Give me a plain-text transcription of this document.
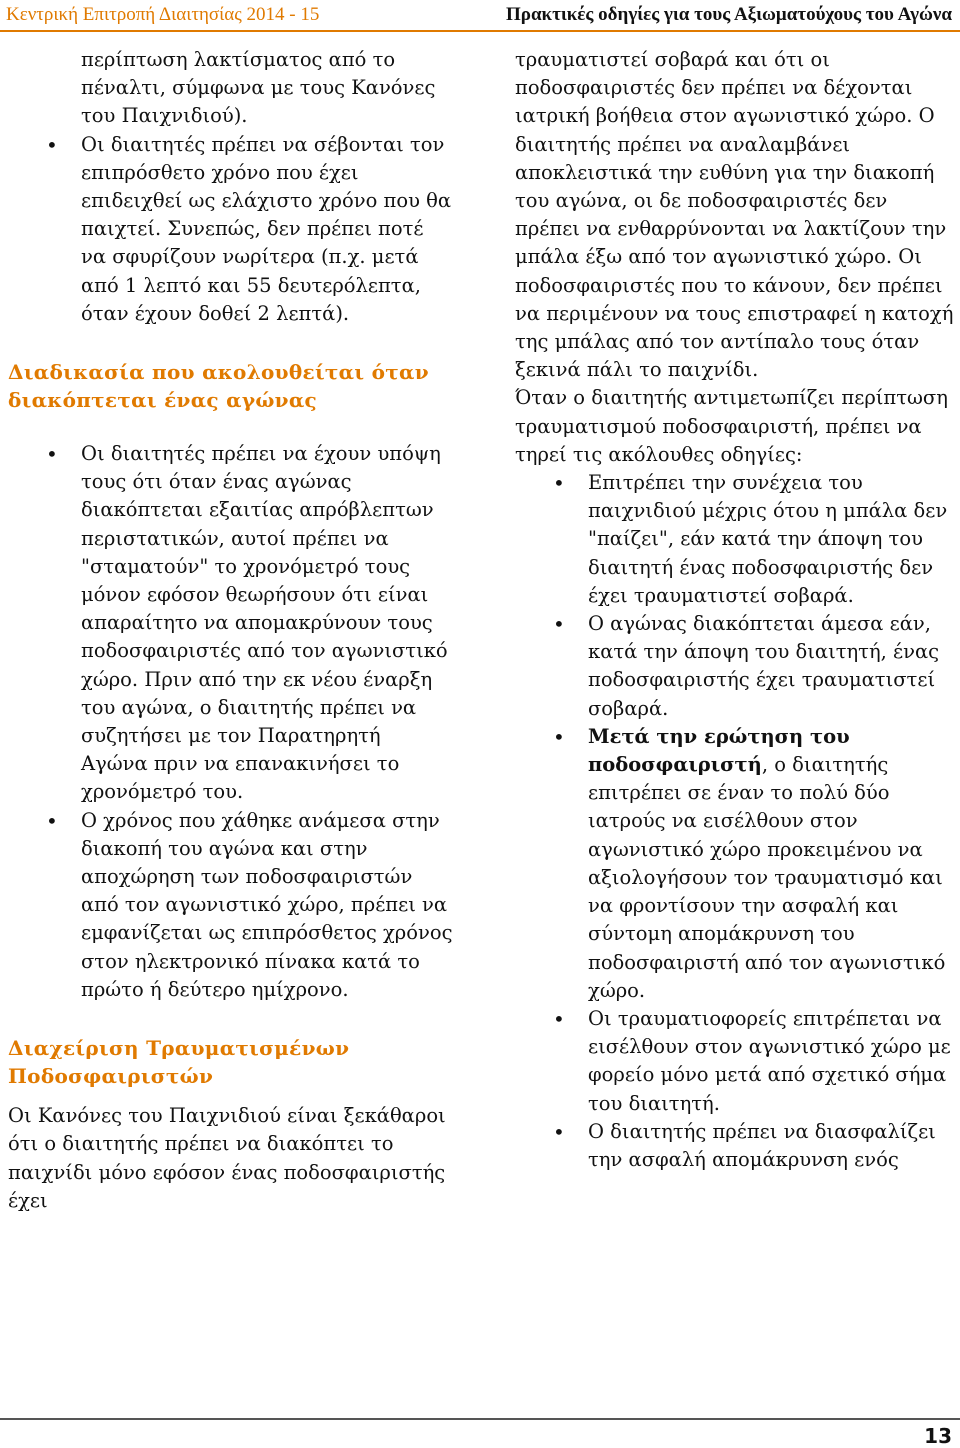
Κεντρική Επιτροπή Διαιτησίας 2014 - 15	Πρακτικές οδηγίες για τους Αξιωματούχους του Αγώνα
περίπτωση λακτίσματος από το πέναλτι, σύμφωνα με τους Κανόνες του Παιχνιδιού).
• Οι διαιτητές πρέπει να σέβονται τον επιπρόσθετο χρόνο που έχει επιδειχθεί ως ελάχιστο χρόνο που θα παιχτεί. Συνεπώς, δεν πρέπει ποτέ να σφυρίζουν νωρίτερα (π.χ. μετά από 1 λεπτό και 55 δευτερόλεπτα, όταν έχουν δοθεί 2 λεπτά).
Διαδικασία που ακολουθείται όταν διακόπτεται ένας αγώνας
• Οι διαιτητές πρέπει να έχουν υπόψη τους ότι όταν ένας αγώνας διακόπτεται εξαιτίας απρόβλεπτων περιστατικών, αυτοί πρέπει να "σταματούν" το χρονόμετρό τους μόνον εφόσον θεωρήσουν ότι είναι απαραίτητο να απομακρύνουν τους ποδοσφαιριστές από τον αγωνιστικό χώρο. Πριν από την εκ νέου έναρξη του αγώνα, ο διαιτητής πρέπει να συζητήσει με τον Παρατηρητή Αγώνα πριν να επανακινήσει το χρονόμετρό του.
• Ο χρόνος που χάθηκε ανάμεσα στην διακοπή του αγώνα και στην αποχώρηση των ποδοσφαιριστών από τον αγωνιστικό χώρο, πρέπει να εμφανίζεται ως επιπρόσθετος χρόνος στον ηλεκτρονικό πίνακα κατά το πρώτο ή δεύτερο ημίχρονο.
Διαχείριση Τραυματισμένων Ποδοσφαιριστών

Οι Κανόνες του Παιχνιδιού είναι ξεκάθαροι ότι ο διαιτητής πρέπει να διακόπτει το παιχνίδι μόνο εφόσον ένας ποδοσφαιριστής έχει

τραυματιστεί σοβαρά και ότι οι ποδοσφαιριστές δεν πρέπει να δέχονται ιατρική βοήθεια στον αγωνιστικό χώρο. Ο διαιτητής πρέπει να αναλαμβάνει αποκλειστικά την ευθύνη για την διακοπή του αγώνα, οι δε ποδοσφαιριστές δεν πρέπει να ενθαρρύνονται να λακτίζουν την μπάλα έξω από τον αγωνιστικό χώρο. Οι ποδοσφαιριστές που το κάνουν, δεν πρέπει να περιμένουν να τους επιστραφεί η κατοχή της μπάλας από τον αντίπαλο τους όταν ξεκινά πάλι το παιχνίδι.

Όταν ο διαιτητής αντιμετωπίζει περίπτωση τραυματισμού ποδοσφαιριστή, πρέπει να τηρεί τις ακόλουθες οδηγίες:

• Επιτρέπει την συνέχεια του παιχνιδιού μέχρις ότου η μπάλα δεν "παίζει", εάν κατά την άποψη του διαιτητή ένας ποδοσφαιριστής δεν έχει τραυματιστεί σοβαρά.
• Ο αγώνας διακόπτεται άμεσα εάν, κατά την άποψη του διαιτητή, ένας ποδοσφαιριστής έχει τραυματιστεί σοβαρά.
• Μετά την ερώτηση του ποδοσφαιριστή, ο διαιτητής επιτρέπει σε έναν το πολύ δύο ιατρούς να εισέλθουν στον αγωνιστικό χώρο προκειμένου να αξιολογήσουν τον τραυματισμό και να φροντίσουν την ασφαλή και σύντομη απομάκρυνση του ποδοσφαιριστή από τον αγωνιστικό χώρο.
• Οι τραυματιοφορείς επιτρέπεται να εισέλθουν στον αγωνιστικό χώρο με φορείο μόνο μετά από σχετικό σήμα του διαιτητή.
• Ο διαιτητής πρέπει να διασφαλίζει την ασφαλή απομάκρυνση ενός
13
